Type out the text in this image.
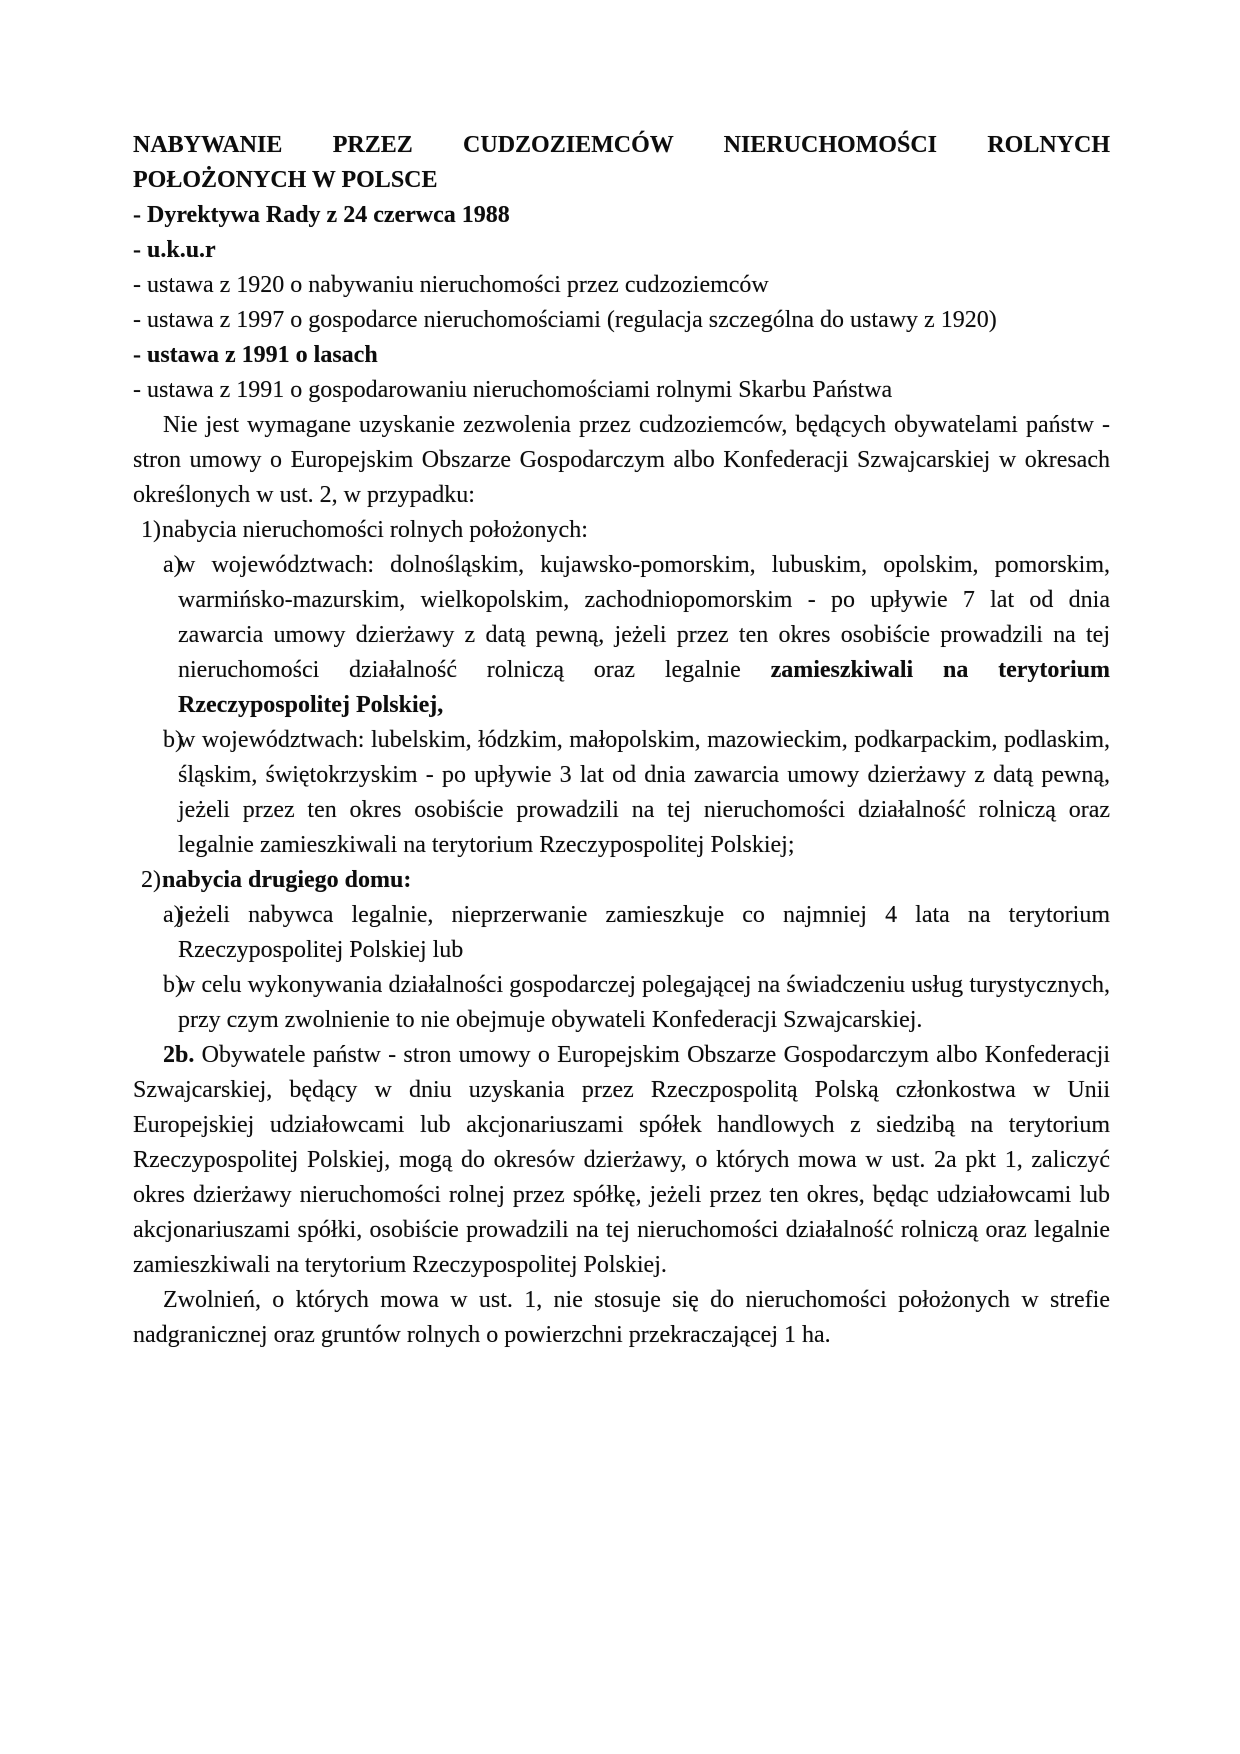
NABYWANIE PRZEZ CUDZOZIEMCÓW NIERUCHOMOŚCI ROLNYCH POŁOŻONYCH W POLSCE
- Dyrektywa Rady z 24 czerwca 1988
- u.k.u.r
- ustawa z 1920 o nabywaniu nieruchomości przez cudzoziemców
- ustawa z 1997 o gospodarce nieruchomościami (regulacja szczególna do ustawy z 1920)
- ustawa z 1991 o lasach
- ustawa z 1991 o gospodarowaniu nieruchomościami rolnymi Skarbu Państwa
Nie jest wymagane uzyskanie zezwolenia przez cudzoziemców, będących obywatelami państw - stron umowy o Europejskim Obszarze Gospodarczym albo Konfederacji Szwajcarskiej w okresach określonych w ust. 2, w przypadku:
1) nabycia nieruchomości rolnych położonych:
a)
w województwach: dolnośląskim, kujawsko-pomorskim, lubuskim, opolskim, pomorskim, warmińsko-mazurskim, wielkopolskim, zachodniopomorskim - po upływie 7 lat od dnia zawarcia umowy dzierżawy z datą pewną, jeżeli przez ten okres osobiście prowadzili na tej nieruchomości działalność rolniczą oraz legalnie zamieszkiwali na terytorium Rzeczypospolitej Polskiej,
b)
w województwach: lubelskim, łódzkim, małopolskim, mazowieckim, podkarpackim, podlaskim, śląskim, świętokrzyskim - po upływie 3 lat od dnia zawarcia umowy dzierżawy z datą pewną, jeżeli przez ten okres osobiście prowadzili na tej nieruchomości działalność rolniczą oraz legalnie zamieszkiwali na terytorium Rzeczypospolitej Polskiej;
2) nabycia drugiego domu:
a)
jeżeli nabywca legalnie, nieprzerwanie zamieszkuje co najmniej 4 lata na terytorium Rzeczypospolitej Polskiej lub
b)
w celu wykonywania działalności gospodarczej polegającej na świadczeniu usług turystycznych, przy czym zwolnienie to nie obejmuje obywateli Konfederacji Szwajcarskiej.
2b. Obywatele państw - stron umowy o Europejskim Obszarze Gospodarczym albo Konfederacji Szwajcarskiej, będący w dniu uzyskania przez Rzeczpospolitą Polską członkostwa w Unii Europejskiej udziałowcami lub akcjonariuszami spółek handlowych z siedzibą na terytorium Rzeczypospolitej Polskiej, mogą do okresów dzierżawy, o których mowa w ust. 2a pkt 1, zaliczyć okres dzierżawy nieruchomości rolnej przez spółkę, jeżeli przez ten okres, będąc udziałowcami lub akcjonariuszami spółki, osobiście prowadzili na tej nieruchomości działalność rolniczą oraz legalnie zamieszkiwali na terytorium Rzeczypospolitej Polskiej.
Zwolnień, o których mowa w ust. 1, nie stosuje się do nieruchomości położonych w strefie nadgranicznej oraz gruntów rolnych o powierzchni przekraczającej 1 ha.
